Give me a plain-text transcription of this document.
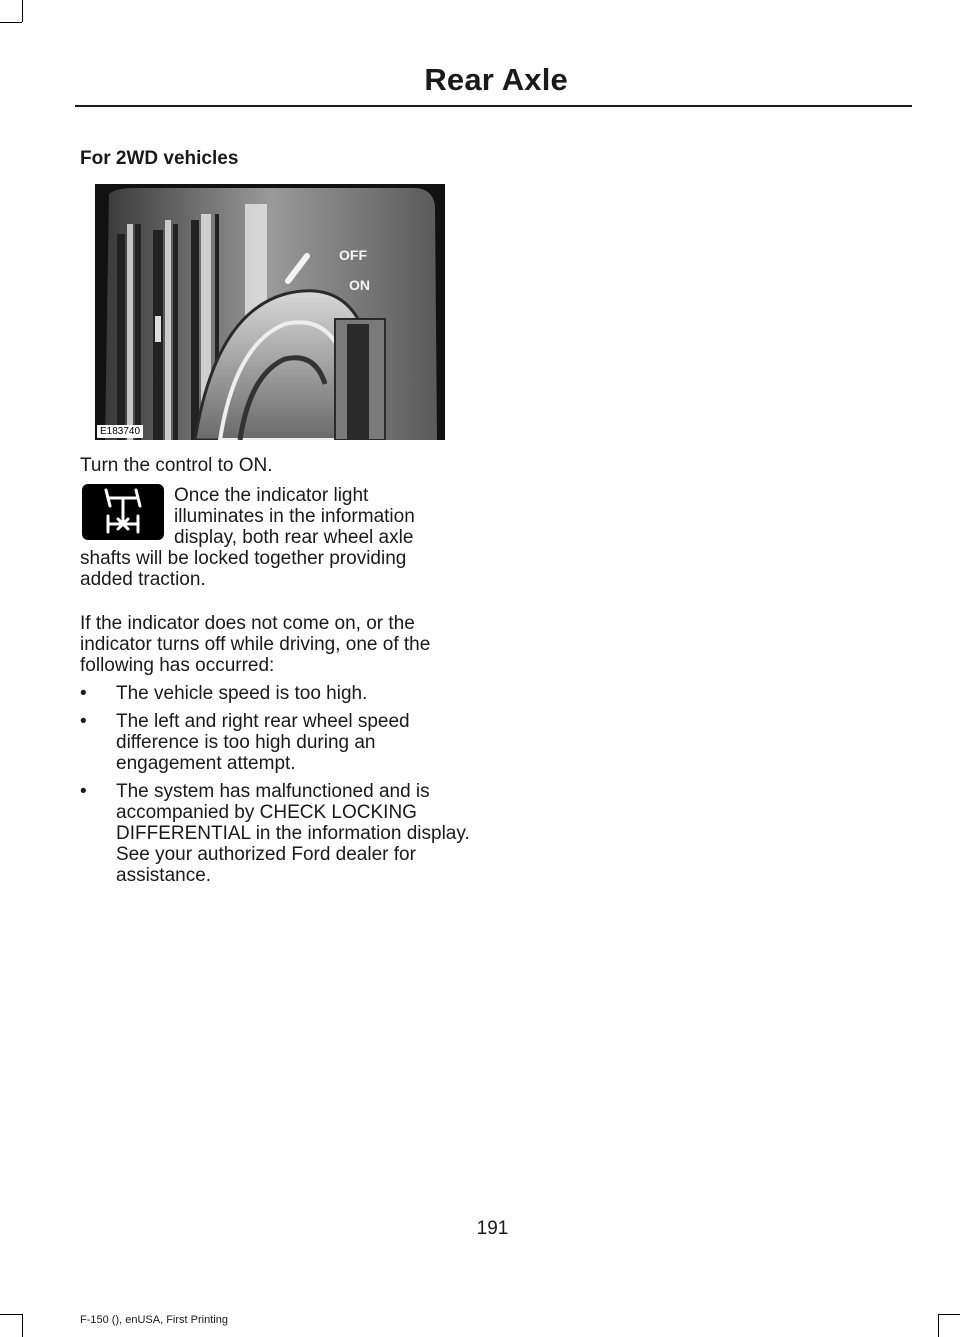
Rear Axle
For 2WD vehicles
OFF
ON
E183740
Turn the control to ON.
Once the indicator light
illuminates in the information
display, both rear wheel axle
shafts will be locked together providing added traction.
If the indicator does not come on, or the indicator turns off while driving, one of the following has occurred:
• The vehicle speed is too high.
• The left and right rear wheel speed difference is too high during an engagement attempt.
• The system has malfunctioned and is accompanied by CHECK LOCKING DIFFERENTIAL in the information display. See your authorized Ford dealer for assistance.
191
F-150 (), enUSA, First Printing
